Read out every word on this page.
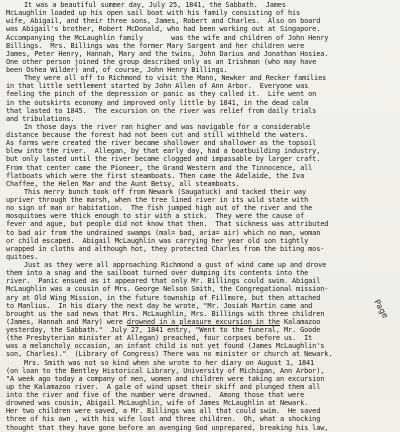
It was a beautiful summer day, July 25, 1841, the Sabbath.  James
McLaughlin loaded up his open sail boat with his family consisting of his
wife, Abigail, and their three sons, James, Robert and Charles.  Also on board
was Abigail's brother, Robert McDonald, who had been working out at Singapore.
Accompanying the McLaughlin family       was the wife and children of John Henry
Billings.  Mrs. Billings was the former Mary Sargent and her children were
James, Peter Henry, Hannah, Mary and the twins, John Darius and Jonathan Hosiea.
One other person joined the group described only as an Irishman (who may have
been Oshea Wilder) and, of course, John Henry Billings.
They were all off to Richmond to visit the Mann, Newker and Recker families
in that little settlement started by John Allen of Ann Arbor.  Everyone was
feeling the pinch of the depression or panic as they called it.  Life went on
in the outskirts economy and improved only little by 1841, in the dead calm
that lasted to 1845.  The excursion on the river was relief from daily trials
and tribulations.
In those days the river ran higher and was navigable for a considerable
distance because the forest had not been cut and still withheld the waters.
As farms were created the river became shallower and shallower as the topsoil
blew into the river.  Allegan, by that early day, had a boatbuilding industry,
but only lasted until the river became clogged and impassable by larger craft.
From that center came the Pioneer, the Grand Western and the Tinnocence, all
flatboats which were the first steamboats. Then came the Adelaide, the Iva
Chaffee, the Helen Mar and the Aunt Betsy, all steamboats.
This merry bunch took off from Newark (Saugatuck) and tacked their way
upriver through the marsh, when the tree lined river in its wild state with
no sign of man or habitation.  The fish jumped high out of the river and the
mosquitoes were thick enough to stir with a stick.  They were the cause of
fever and ague, but people did not know that then.  That sickness was attributed
to bad air from the undrained swamps (mal= bad, aria= air) which no man, woman
or child escaped.  Abigail McLaughlin was carrying her year old son tightly
wrapped in cloths and although hot, they protected Charles from the biting mos-
quitoes.
Just as they were all approaching Richmond a gust of wind came up and drove
them into a snag and the sailboat turned over dumping its contents into the
river.  Panic ensued as it appeared that only Mr. Billings could swim. Abigail
McLaughlin was a cousin of Mrs. George Nelson Smith, the Congregational mission-
ary at Old Wing Mission, in the future township of Fillmore, but then attached
to Manlius.  In his diary the next day he wrote, "Mr. Josiah Martin came and
brought us the sad news that Mrs. McLaughlin, Mrs. Billings with three children
(James, Hannah and Mary) were drowned in a pleasure excursion in the Kalamazoo
yesterday, the Sabbath."  July 27, 1841 entry, "Went to the funeral, Mr. Goode
(the Presbyterian minister at Allegan) preached, four corpses before us.  It
was a melancholy occasion, an infant child is not yet found (James McLaughlin's
son, Charles)."  (Library of Congress) There was no minister or church at Newark.
Mrs. Smith was not so kind when she wrote to her diary on August 1, 1841
(on loan to the Bentley Historical Library, University of Michigan, Ann Arbor),
"A week ago today a company of men, women and children were taking an excursion
up the Kalamazoo river.  A gale of wind upset their skiff and plunged them all
into the river and five of the number were drowned.  Among those that were
drowned was cousin, Abigail McLaughlin, wife of James McLaughlin at Newark.
Her two children were saved, a Mr. Billings was all that could swim.  He saved
three of his own , with his wife lost and three children.  Oh, what a shocking
thought that they have gone before an avenging God unprepared, breaking his law,
Page
